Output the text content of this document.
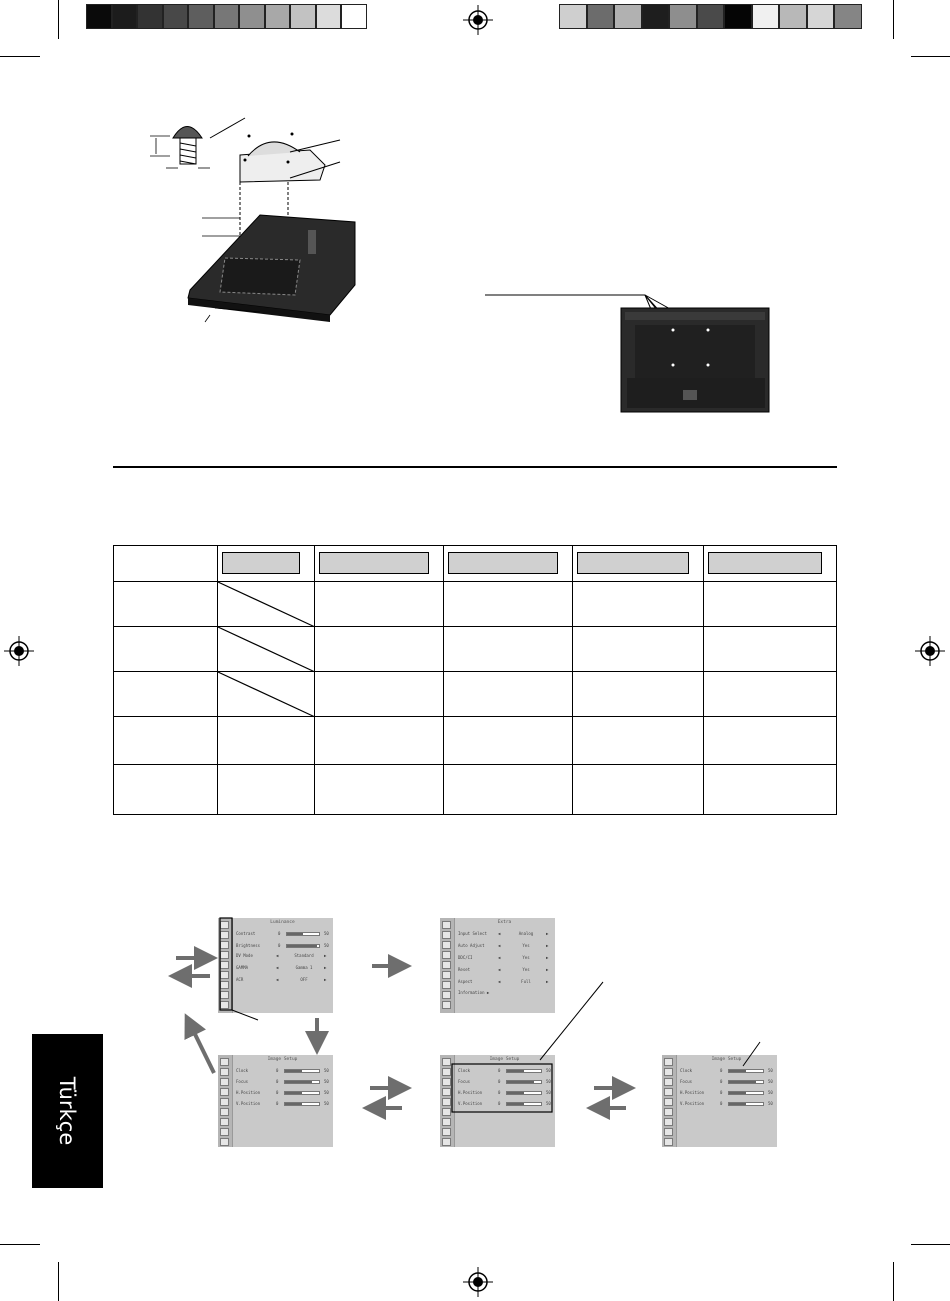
Luminance
Contrast	0	50
Brightness	0	50
DV Mode	◀	Standard	▶
GAMMA	◀	Gamma 1	▶
ACR	◀	OFF	▶
Extra
Input Select	◀	Analog	▶
Auto Adjust	◀	Yes	▶
DDC/CI	◀	Yes	▶
Reset	◀	Yes	▶
Aspect	◀	Full	▶
Information ▶
Image Setup
Clock	0	50
Focus	0	50
H.Position	0	50
V.Position	0	50
Image Setup
Clock	0	50
Focus	0	50
H.Position	0	50
V.Position	0	50
Image Setup
Clock	0	50
Focus	0	50
H.Position	0	50
V.Position	0	50
Türkçe
